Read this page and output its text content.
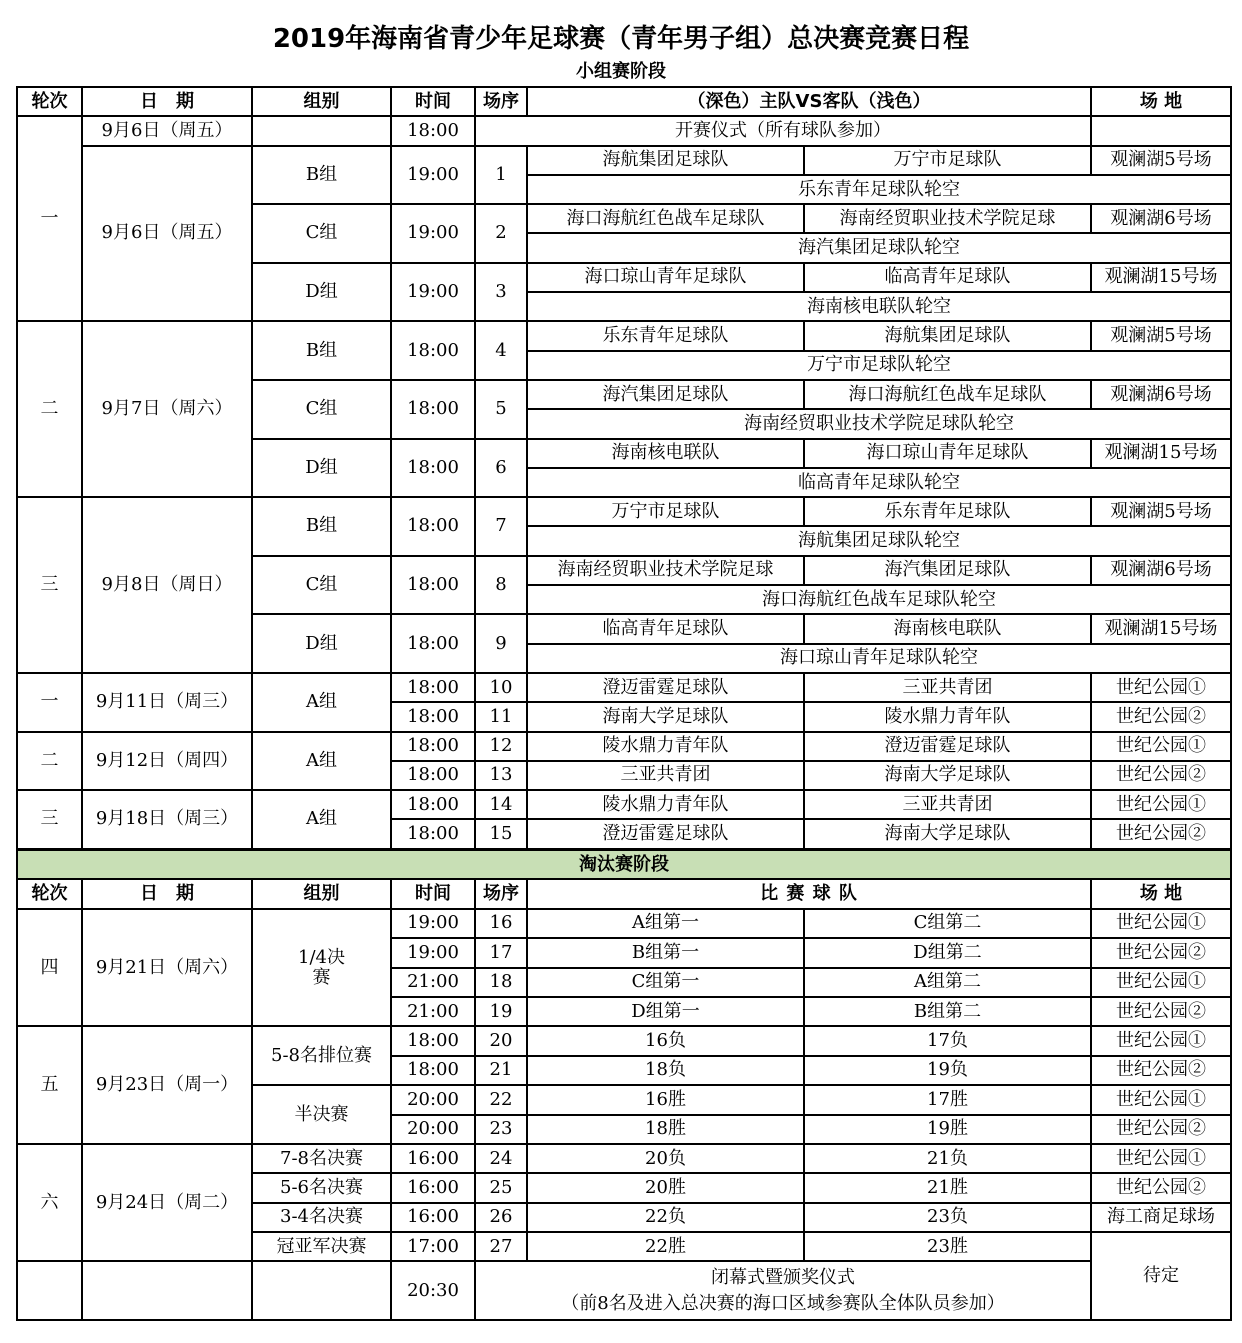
2019年海南省青少年足球赛（青年男子组）总决赛竞赛日程
小组赛阶段
轮次	日　期	组别	时间	场序	（深色）主队VS客队（浅色）		场 地
一	9月6日（周五）		18:00	开赛仪式（所有球队参加）			
	9月6日（周五）	B组	19:00	1	海航集团足球队	万宁市足球队	观澜湖5号场
					乐东青年足球队轮空		
		C组	19:00	2	海口海航红色战车足球队	海南经贸职业技术学院足球	观澜湖6号场
					海汽集团足球队轮空		
		D组	19:00	3	海口琼山青年足球队	临高青年足球队	观澜湖15号场
					海南核电联队轮空		
二	9月7日（周六）	B组	18:00	4	乐东青年足球队	海航集团足球队	观澜湖5号场
					万宁市足球队轮空		
		C组	18:00	5	海汽集团足球队	海口海航红色战车足球队	观澜湖6号场
					海南经贸职业技术学院足球队轮空		
		D组	18:00	6	海南核电联队	海口琼山青年足球队	观澜湖15号场
					临高青年足球队轮空		
三	9月8日（周日）	B组	18:00	7	万宁市足球队	乐东青年足球队	观澜湖5号场
					海航集团足球队轮空		
		C组	18:00	8	海南经贸职业技术学院足球	海汽集团足球队	观澜湖6号场
					海口海航红色战车足球队轮空		
		D组	18:00	9	临高青年足球队	海南核电联队	观澜湖15号场
					海口琼山青年足球队轮空		
一	9月11日（周三）	A组	18:00	10	澄迈雷霆足球队	三亚共青团	世纪公园①
			18:00	11	海南大学足球队	陵水鼎力青年队	世纪公园②
二	9月12日（周四）	A组	18:00	12	陵水鼎力青年队	澄迈雷霆足球队	世纪公园①
			18:00	13	三亚共青团	海南大学足球队	世纪公园②
三	9月18日（周三）	A组	18:00	14	陵水鼎力青年队	三亚共青团	世纪公园①
			18:00	15	澄迈雷霆足球队	海南大学足球队	世纪公园②
淘汰赛阶段							
轮次	日　期	组别	时间	场序	比 赛 球 队		场 地
四	9月21日（周六）	1/4决赛	19:00	16	A组第一	C组第二	世纪公园①
			19:00	17	B组第一	D组第二	世纪公园②
			21:00	18	C组第一	A组第二	世纪公园①
			21:00	19	D组第一	B组第二	世纪公园②
五	9月23日（周一）	5-8名排位赛	18:00	20	16负	17负	世纪公园①
			18:00	21	18负	19负	世纪公园②
		半决赛	20:00	22	16胜	17胜	世纪公园①
			20:00	23	18胜	19胜	世纪公园②
六	9月24日（周二）	7-8名决赛	16:00	24	20负	21负	世纪公园①
		5-6名决赛	16:00	25	20胜	21胜	世纪公园②
		3-4名决赛	16:00	26	22负	23负	海工商足球场
		冠亚军决赛	17:00	27	22胜	23胜	待定
			20:30	闭幕式暨颁奖仪式
（前8名及进入总决赛的海口区域参赛队全体队员参加）			
